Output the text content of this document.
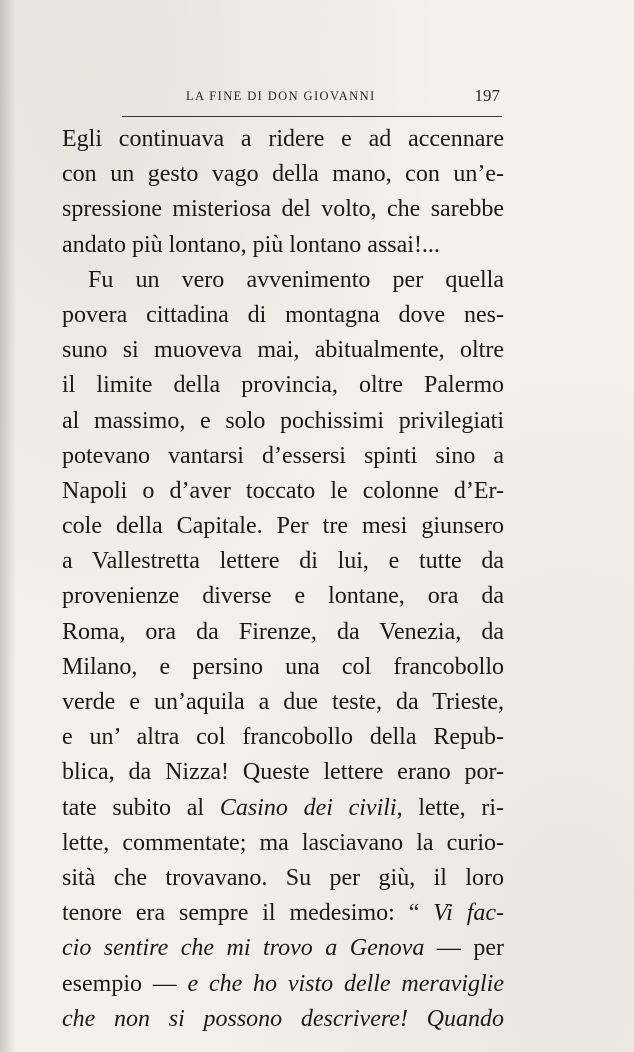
LA FINE DI DON GIOVANNI	197
Egli continuava a ridere e ad accennare
con un gesto vago della mano, con un’e-
spressione misteriosa del volto, che sarebbe
andato più lontano, più lontano assai!...
Fu un vero avvenimento per quella
povera cittadina di montagna dove nes-
suno si muoveva mai, abitualmente, oltre
il limite della provincia, oltre Palermo
al massimo, e solo pochissimi privilegiati
potevano vantarsi d’essersi spinti sino a
Napoli o d’aver toccato le colonne d’Er-
cole della Capitale. Per tre mesi giunsero
a Vallestretta lettere di lui, e tutte da
provenienze diverse e lontane, ora da
Roma, ora da Firenze, da Venezia, da
Milano, e persino una col francobollo
verde e un’aquila a due teste, da Trieste,
e un’ altra col francobollo della Repub-
blica, da Nizza! Queste lettere erano por-
tate subito al Casino dei civili, lette, ri-
lette, commentate; ma lasciavano la curio-
sità che trovavano. Su per giù, il loro
tenore era sempre il medesimo: “ Vi fac-
cio sentire che mi trovo a Genova — per
esempio — e che ho visto delle meraviglie
che non si possono descrivere! Quando
